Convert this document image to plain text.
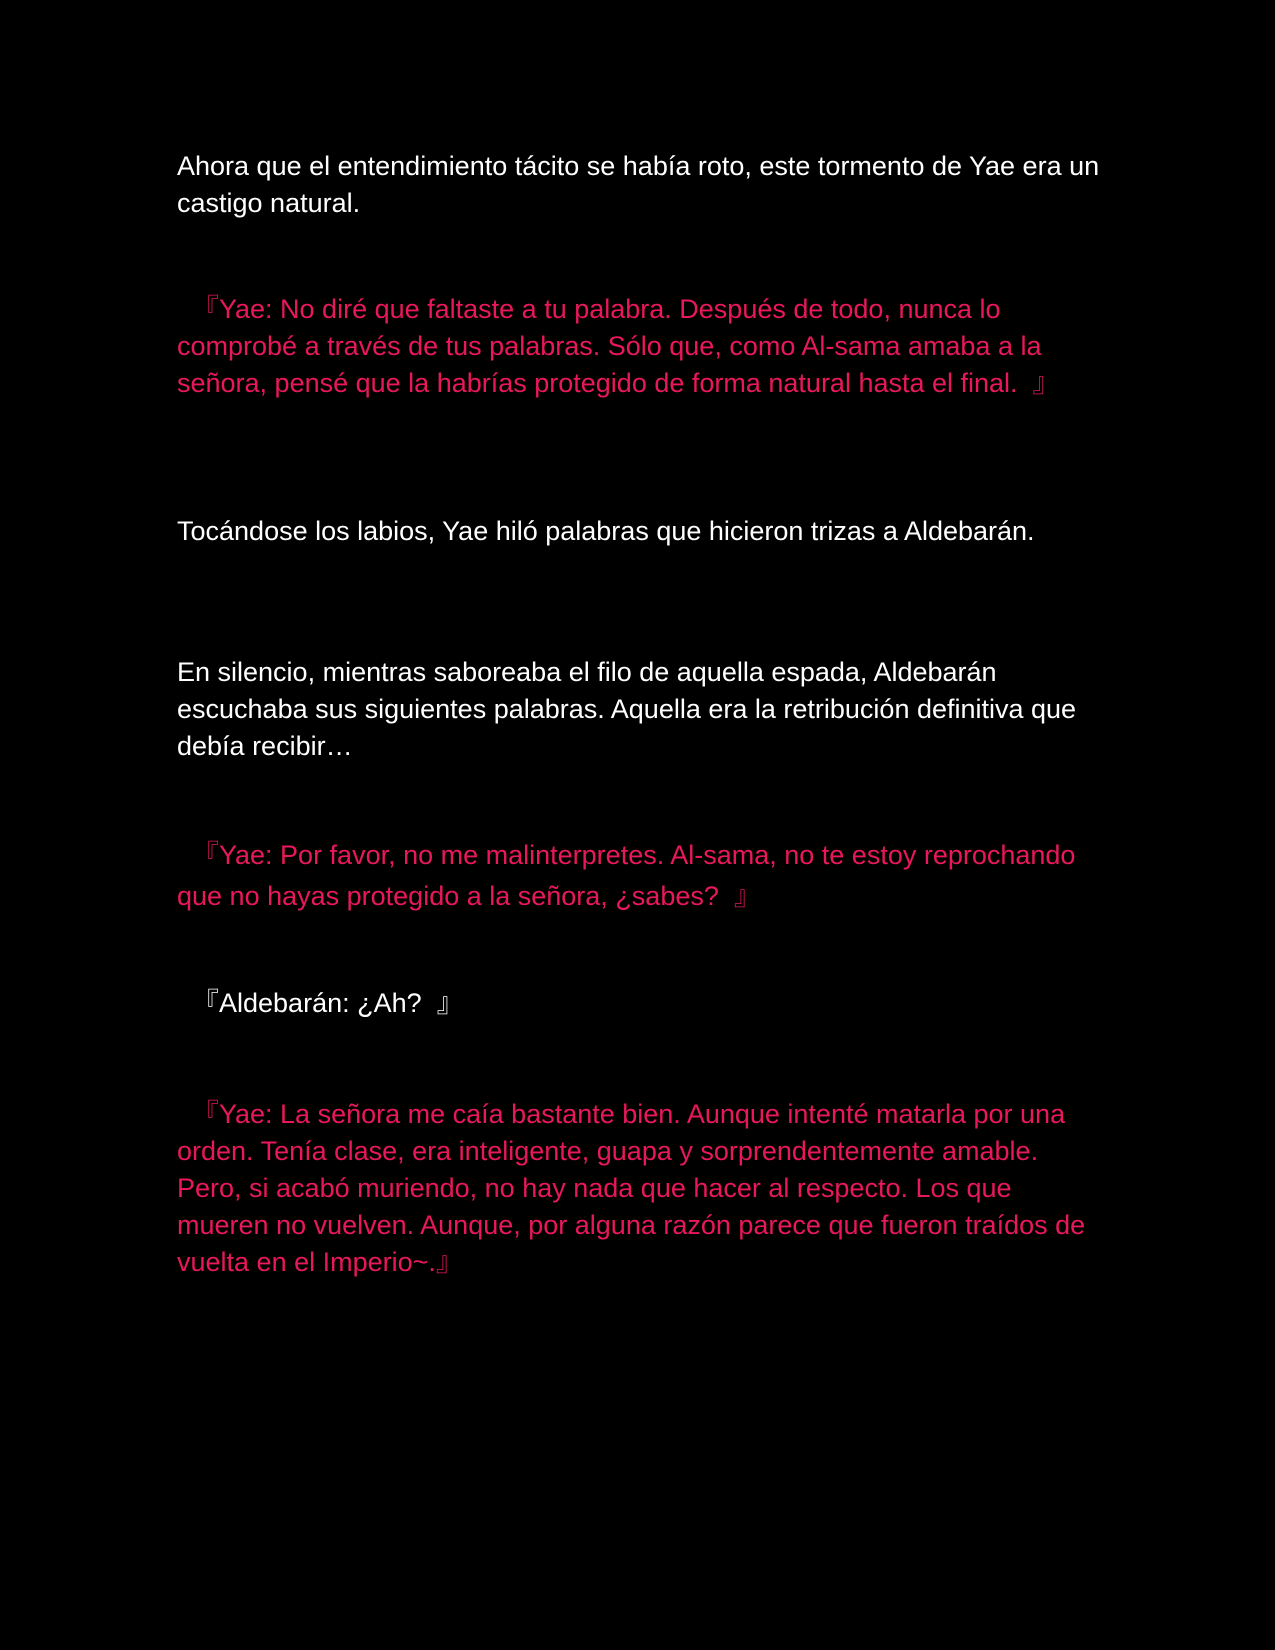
Ahora que el entendimiento tácito se había roto, este tormento de Yae era un castigo natural.

『Yae: No diré que faltaste a tu palabra. Después de todo, nunca lo comprobé a través de tus palabras. Sólo que, como Al-sama amaba a la señora, pensé que la habrías protegido de forma natural hasta el final.  』

Tocándose los labios, Yae hiló palabras que hicieron trizas a Aldebarán.

En silencio, mientras saboreaba el filo de aquella espada, Aldebarán escuchaba sus siguientes palabras. Aquella era la retribución definitiva que debía recibir…

『Yae: Por favor, no me malinterpretes. Al-sama, no te estoy reprochando que no hayas protegido a la señora, ¿sabes?  』

『Aldebarán: ¿Ah?  』

『Yae: La señora me caía bastante bien. Aunque intenté matarla por una orden. Tenía clase, era inteligente, guapa y sorprendentemente amable. Pero, si acabó muriendo, no hay nada que hacer al respecto. Los que mueren no vuelven. Aunque, por alguna razón parece que fueron traídos de vuelta en el Imperio~.』
